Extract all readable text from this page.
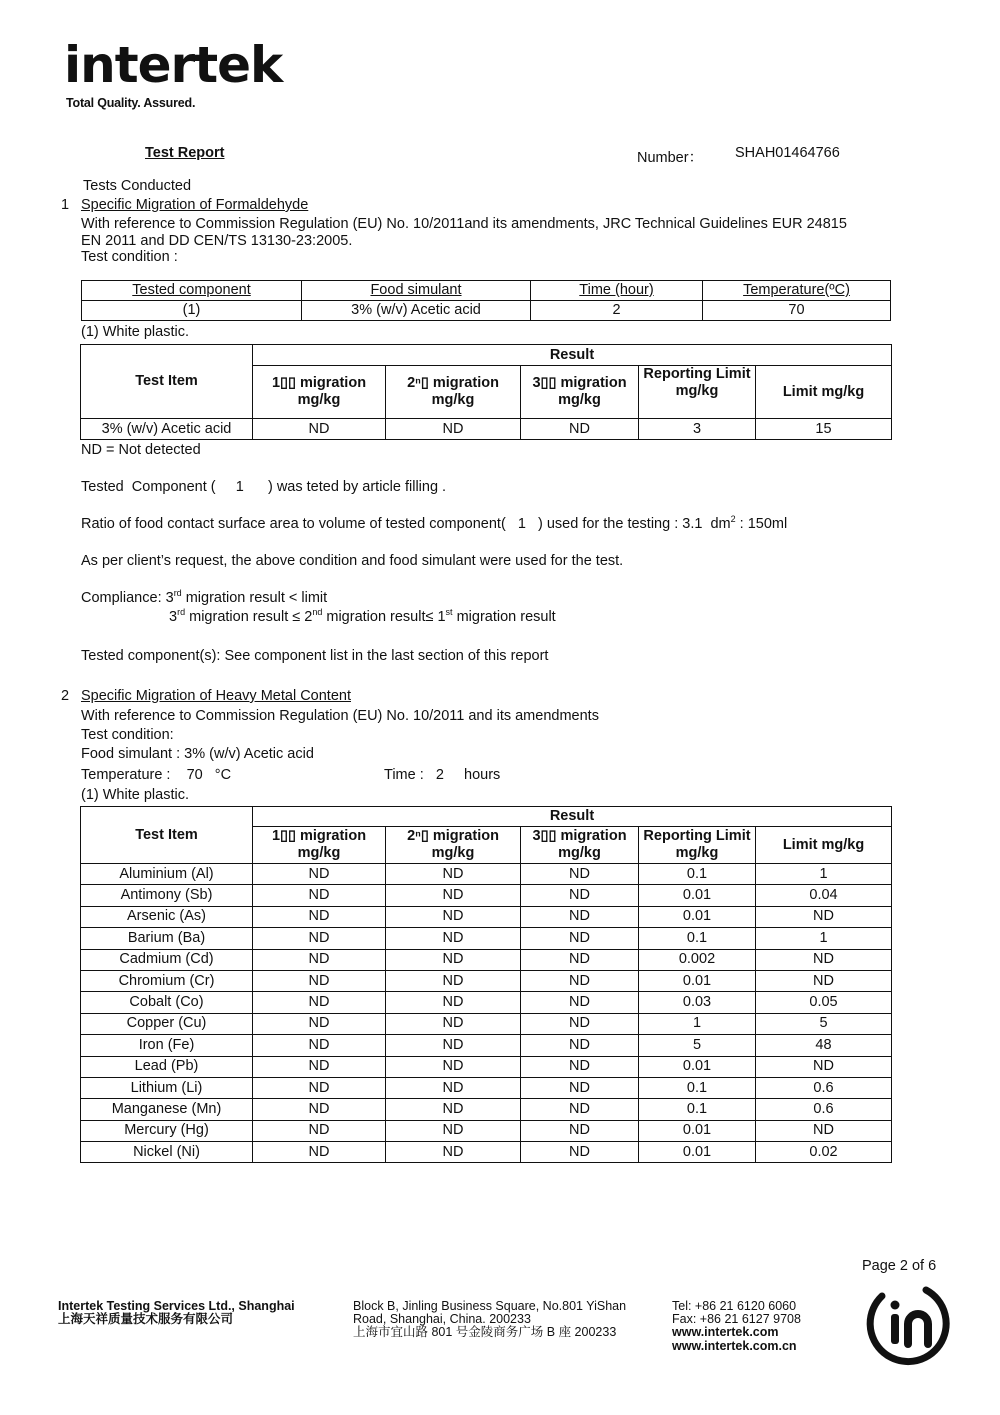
intertek
Total Quality. Assured.
Test Report	Number： SHAH01464766
Tests Conducted
1 Specific Migration of Formaldehyde
With reference to Commission Regulation (EU) No. 10/2011and its amendments, JRC Technical Guidelines EUR 24815
EN 2011 and DD CEN/TS 13130-23:2005.
Test condition :
Tested component	Food simulant	Time (hour)	Temperature(ºC)
(1)	3% (w/v) Acetic acid	2	70
(1) White plastic.
Test Item	Result				
	1▯▯ migration mg/kg	2ⁿ▯ migration mg/kg	3▯▯ migration mg/kg	Reporting Limit mg/kg	Limit mg/kg
3% (w/v) Acetic acid	ND	ND	ND	3	15
ND = Not detected
Tested  Component (     1      ) was teted by article filling .
Ratio of food contact surface area to volume of tested component(   1   ) used for the testing : 3.1  $dm^2$ : 150ml
As per client’s request, the above condition and food simulant were used for the test.
Compliance: 3rd migration result < limit
3rd migration result ≤ 2nd migration result≤ 1st migration result
Tested component(s): See component list in the last section of this report
2 Specific Migration of Heavy Metal Content
With reference to Commission Regulation (EU) No. 10/2011 and its amendments
Test condition:
Food simulant : 3% (w/v) Acetic acid
Temperature :    70   °C	Time :   2     hours
(1) White plastic.
Test Item	Result				
	1▯▯ migration mg/kg	2ⁿ▯ migration mg/kg	3▯▯ migration mg/kg	Reporting Limit mg/kg	Limit mg/kg
Aluminium (Al)	ND	ND	ND	0.1	1
Antimony (Sb)	ND	ND	ND	0.01	0.04
Arsenic (As)	ND	ND	ND	0.01	ND
Barium (Ba)	ND	ND	ND	0.1	1
Cadmium (Cd)	ND	ND	ND	0.002	ND
Chromium (Cr)	ND	ND	ND	0.01	ND
Cobalt (Co)	ND	ND	ND	0.03	0.05
Copper (Cu)	ND	ND	ND	1	5
Iron (Fe)	ND	ND	ND	5	48
Lead (Pb)	ND	ND	ND	0.01	ND
Lithium (Li)	ND	ND	ND	0.1	0.6
Manganese (Mn)	ND	ND	ND	0.1	0.6
Mercury (Hg)	ND	ND	ND	0.01	ND
Nickel (Ni)	ND	ND	ND	0.01	0.02
Page 2 of 6
Intertek Testing Services Ltd., Shanghai
上海天祥质量技术服务有限公司
Block B, Jinling Business Square, No.801 YiShan
Road, Shanghai, China. 200233
上海市宜山路 801 号金陵商务广场 B 座 200233
Tel: +86 21 6120 6060
Fax: +86 21 6127 9708
www.intertek.com
www.intertek.com.cn
